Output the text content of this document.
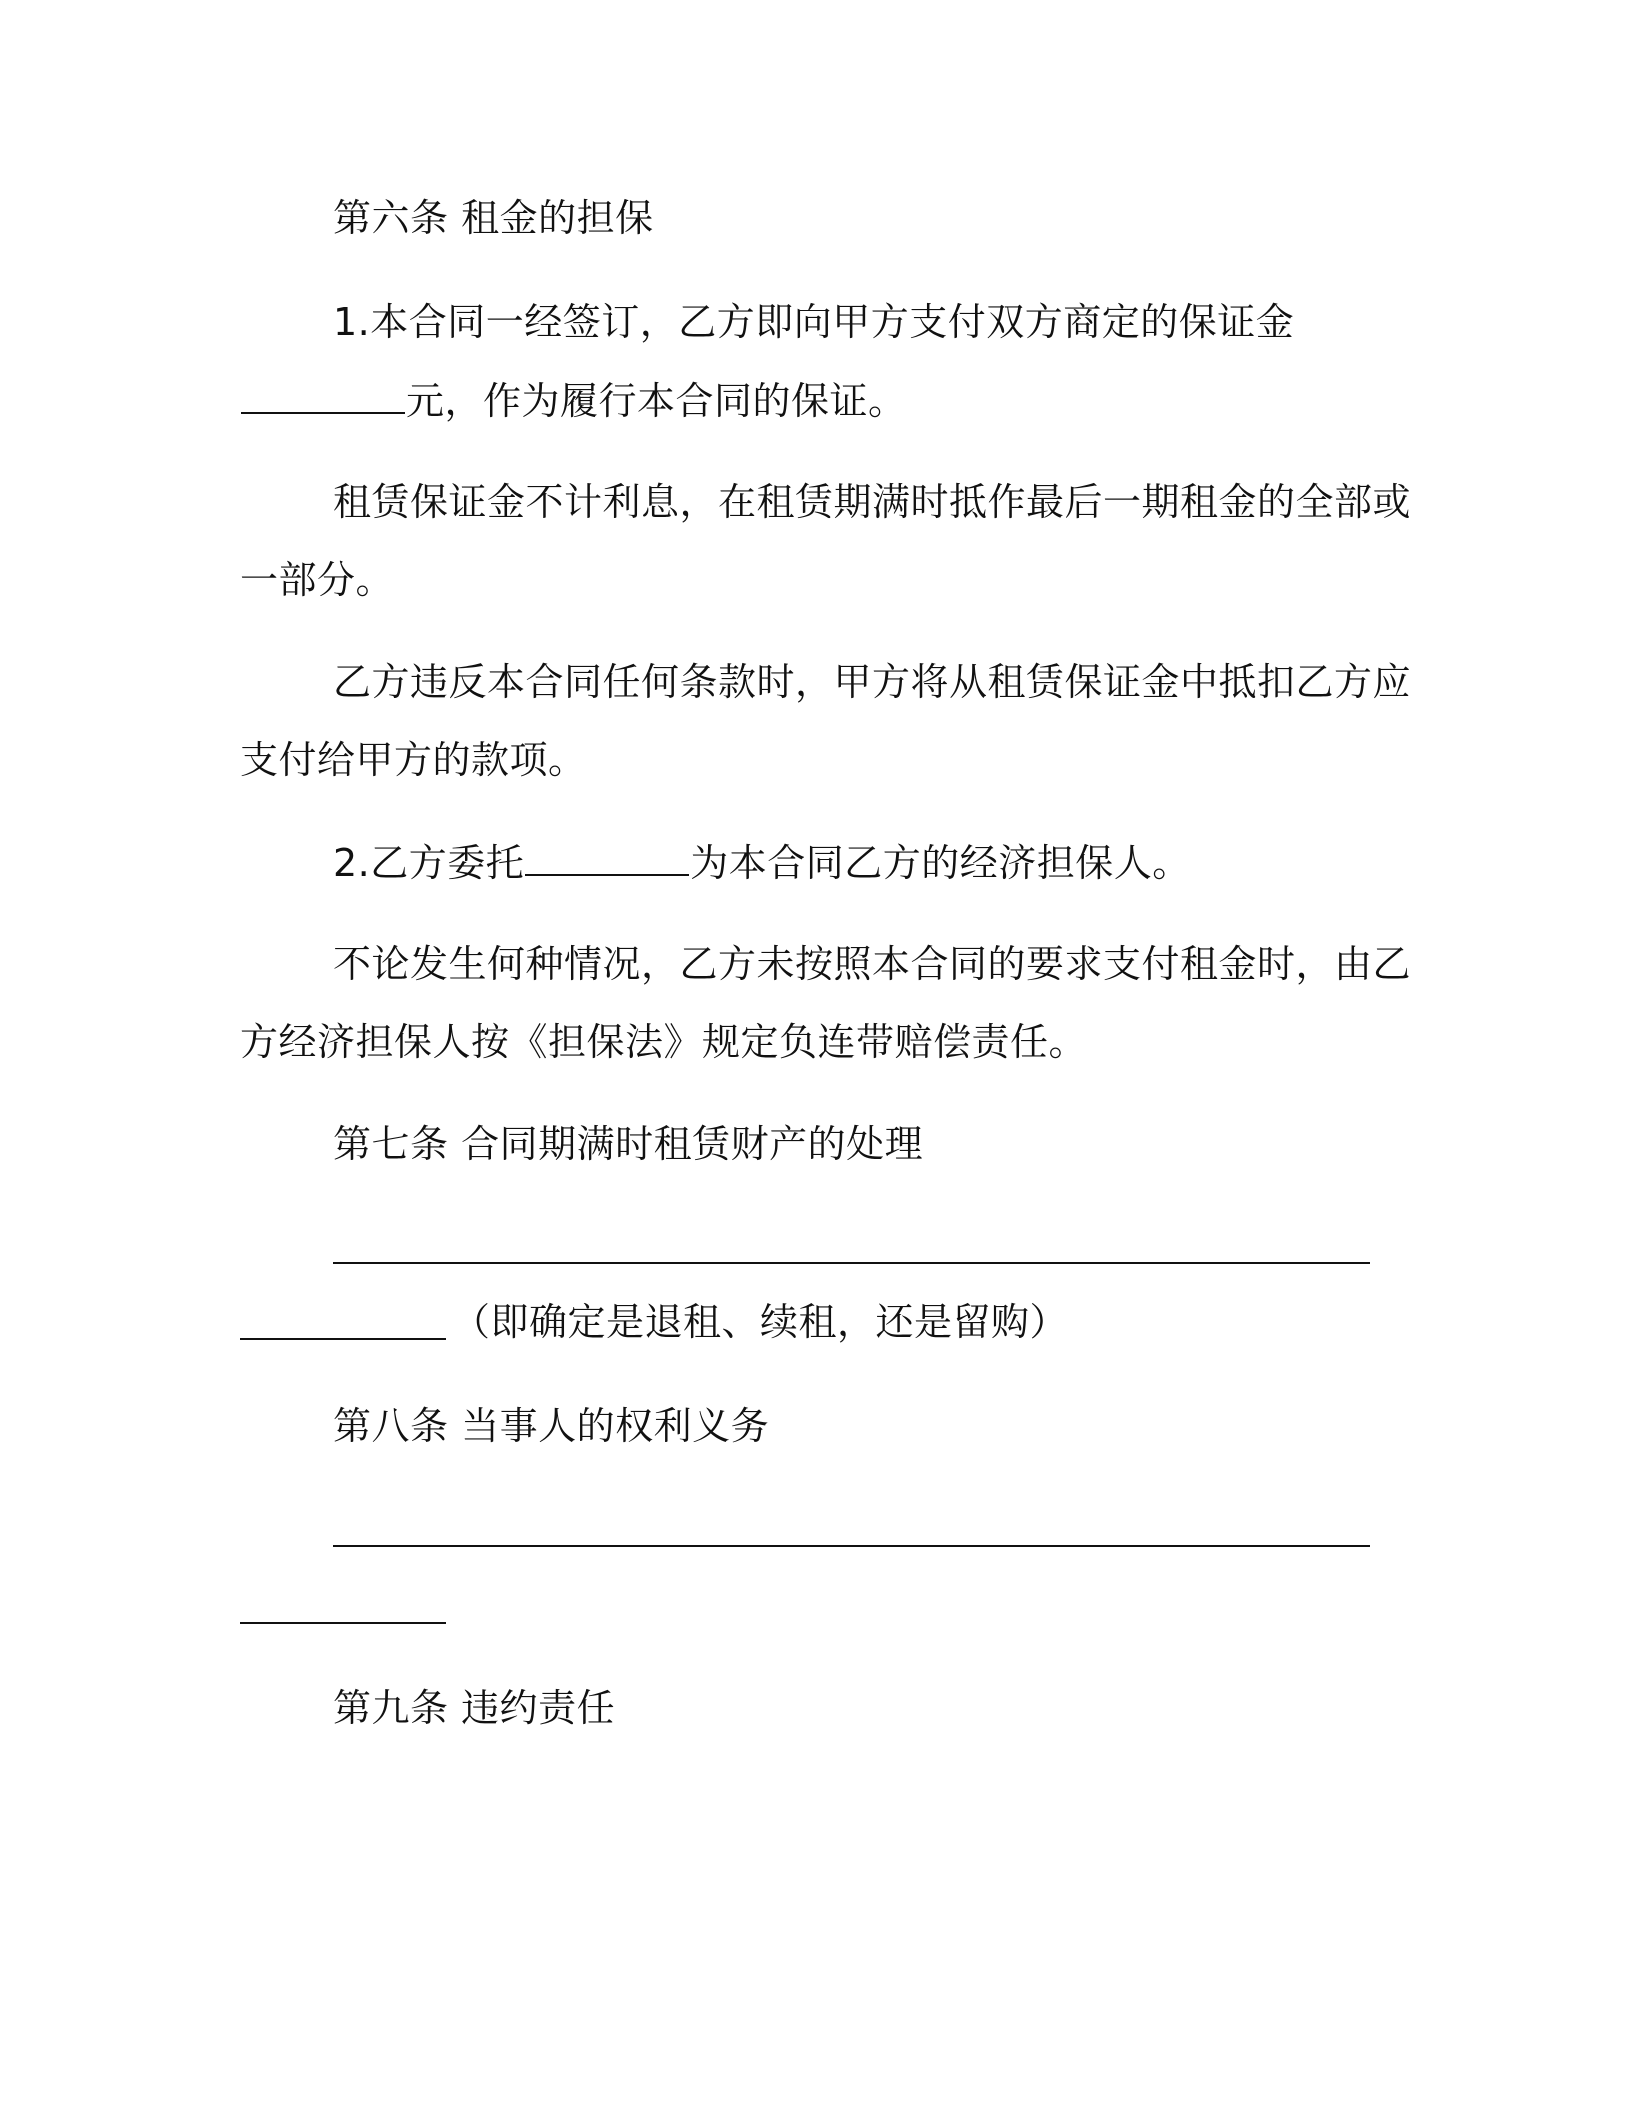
第六条 租金的担保

1.本合同一经签订，乙方即向甲方支付双方商定的保证金

元，作为履行本合同的保证。

租赁保证金不计利息，在租赁期满时抵作最后一期租金的全部或

一部分。

乙方违反本合同任何条款时，甲方将从租赁保证金中抵扣乙方应

支付给甲方的款项。

2.乙方委托	为本合同乙方的经济担保人。

不论发生何种情况，乙方未按照本合同的要求支付租金时，由乙

方经济担保人按《担保法》规定负连带赔偿责任。

第七条 合同期满时租赁财产的处理

（即确定是退租、续租，还是留购）

第八条 当事人的权利义务

第九条 违约责任
